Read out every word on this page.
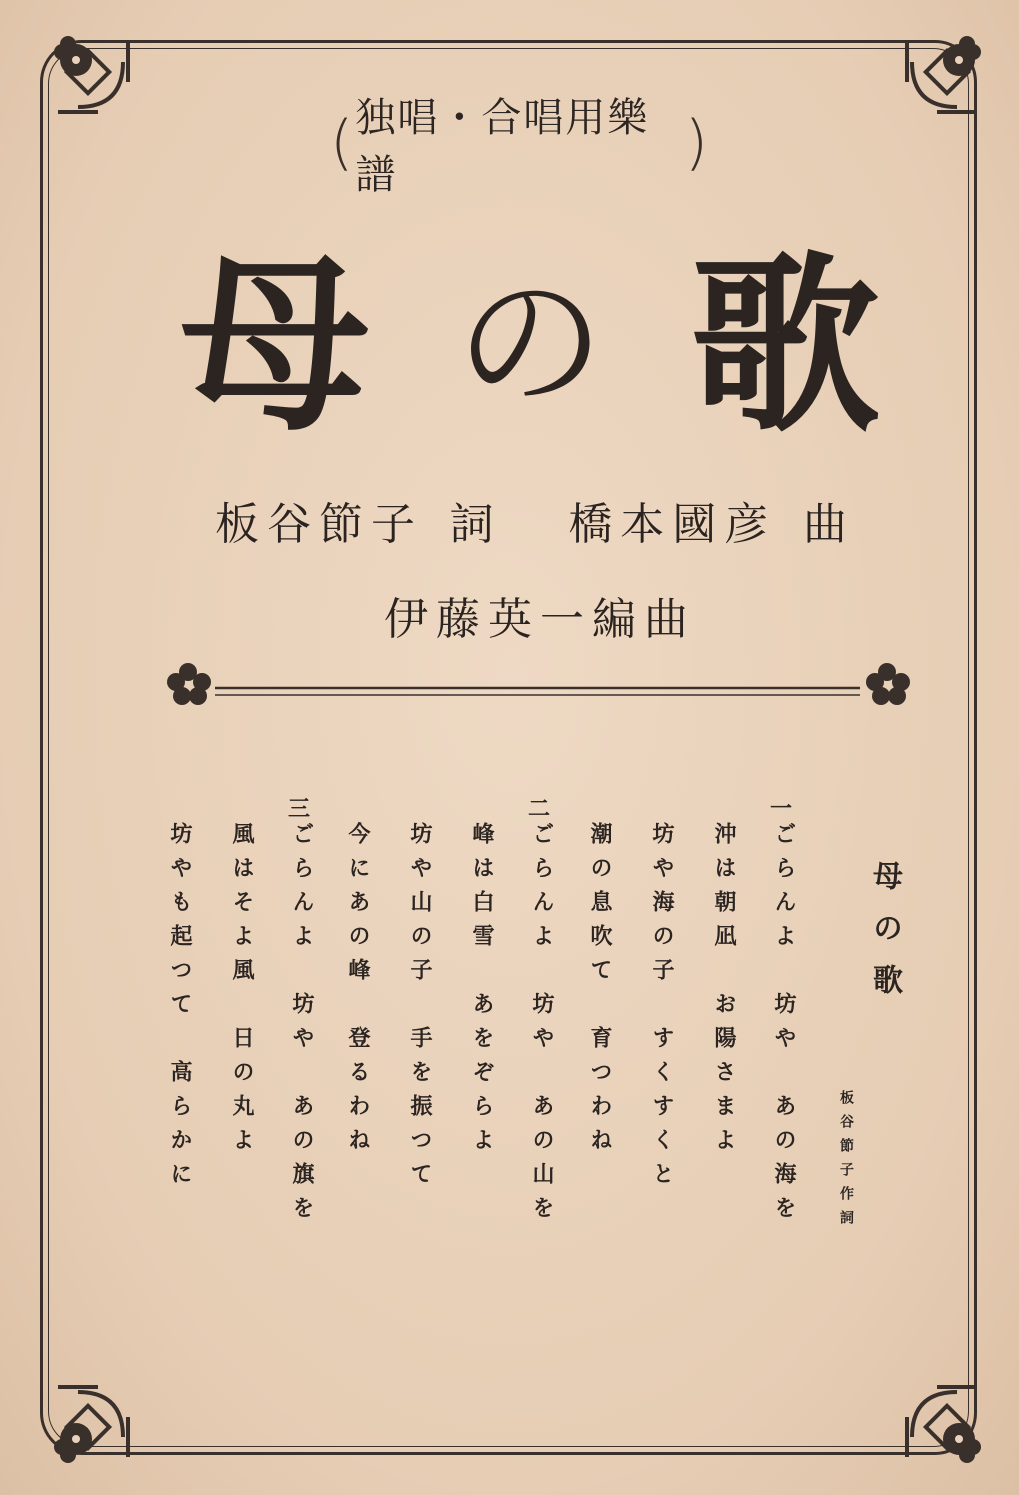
( 独唱・合唱用樂譜	)
母 の 歌
板谷節子 詞 橋本國彦 曲
伊藤英一編曲
母の歌
板谷節子作詞
一
ごらんよ　坊や　あの海を
沖は朝凪　お陽さまよ
坊や海の子　すくすくと
潮の息吹て　育つわね
二
ごらんよ　坊や　あの山を
峰は白雪　あをぞらよ
坊や山の子　手を振つて
今にあの峰　登るわね
三
ごらんよ　坊や　あの旗を
風はそよ風　日の丸よ
坊やも起つて　高らかに
